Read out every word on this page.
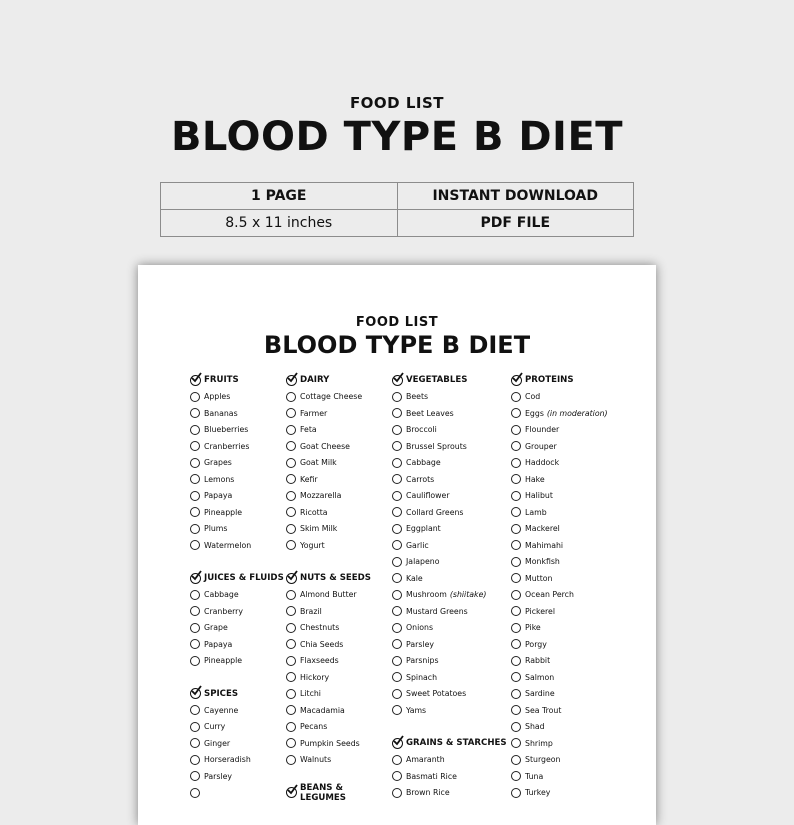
FOOD LIST
BLOOD TYPE B DIET
1 PAGE	INSTANT DOWNLOAD
8.5 x 11 inches	PDF FILE
FOOD LIST
BLOOD TYPE B DIET
FRUITS
Apples
Bananas
Blueberries
Cranberries
Grapes
Lemons
Papaya
Pineapple
Plums
Watermelon
JUICES & FLUIDS
Cabbage
Cranberry
Grape
Papaya
Pineapple
SPICES
Cayenne
Curry
Ginger
Horseradish
Parsley
DAIRY
Cottage Cheese
Farmer
Feta
Goat Cheese
Goat Milk
Kefir
Mozzarella
Ricotta
Skim Milk
Yogurt
NUTS & SEEDS
Almond Butter
Brazil
Chestnuts
Chia Seeds
Flaxseeds
Hickory
Litchi
Macadamia
Pecans
Pumpkin Seeds
Walnuts
BEANS & LEGUMES
VEGETABLES
Beets
Beet Leaves
Broccoli
Brussel Sprouts
Cabbage
Carrots
Cauliflower
Collard Greens
Eggplant
Garlic
Jalapeno
Kale
Mushroom (shiitake)
Mustard Greens
Onions
Parsley
Parsnips
Spinach
Sweet Potatoes
Yams
GRAINS & STARCHES
Amaranth
Basmati Rice
Brown Rice
PROTEINS
Cod
Eggs (in moderation)
Flounder
Grouper
Haddock
Hake
Halibut
Lamb
Mackerel
Mahimahi
Monkfish
Mutton
Ocean Perch
Pickerel
Pike
Porgy
Rabbit
Salmon
Sardine
Sea Trout
Shad
Shrimp
Sturgeon
Tuna
Turkey
